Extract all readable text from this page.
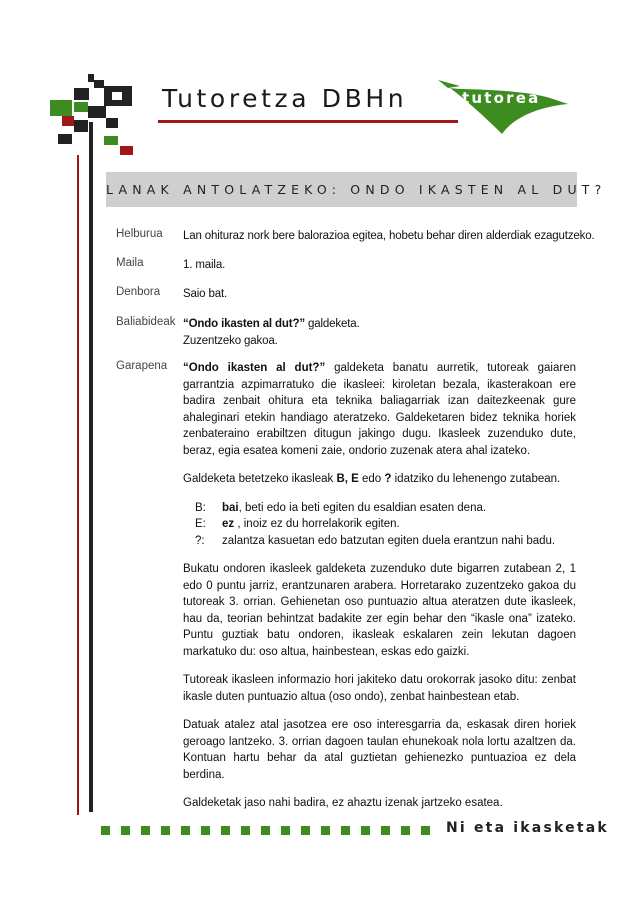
Tutoretza DBHn	tutorea
LANAK ANTOLATZEKO: ONDO IKASTEN AL DUT?
Helburua Lan ohituraz nork bere balorazioa egitea, hobetu behar diren alderdiak ezagutzeko.
Maila	1. maila.
Denbora Saio bat.
Baliabideak “Ondo ikasten al dut?” galdeketa.
Zuzentzeko gakoa.
Garapena “Ondo ikasten al dut?” galdeketa banatu aurretik, tutoreak gaiaren garrantzia azpimarratuko die ikasleei: kiroletan bezala, ikasterakoan ere badira zenbait ohitura eta teknika baliagarriak izan daitezkeenak gure ahaleginari etekin handiago ateratzeko. Galdeketaren bidez teknika horiek zenbateraino erabiltzen ditugun jakingo dugu. Ikasleek zuzenduko dute, beraz, egia esatea komeni zaie, ondorio zuzenak atera ahal izateko.

Galdeketa betetzeko ikasleak B, E edo ? idatziko du lehenengo zutabean.

B: bai, beti edo ia beti egiten du esaldian esaten dena.
E: ez , inoiz ez du horrelakorik egiten.
?:	zalantza kasuetan edo batzutan egiten duela erantzun nahi badu.

Bukatu ondoren ikasleek galdeketa zuzenduko dute bigarren zutabean 2, 1 edo 0 puntu jarriz, erantzunaren arabera. Horretarako zuzentzeko gakoa du tutoreak 3. orrian. Gehienetan oso puntuazio altua ateratzen dute ikasleek, hau da, teorian behintzat badakite zer egin behar den “ikasle ona” izateko. Puntu guztiak batu ondoren, ikasleak eskalaren zein lekutan dagoen markatuko du: oso altua, hainbestean, eskas edo gaizki.

Tutoreak ikasleen informazio hori jakiteko datu orokorrak jasoko ditu: zenbat ikasle duten puntuazio altua (oso ondo), zenbat hainbestean etab.

Datuak atalez atal jasotzea ere oso interesgarria da, eskasak diren horiek geroago lantzeko. 3. orrian dagoen taulan ehunekoak nola lortu azaltzen da. Kontuan hartu behar da atal guztietan gehienezko puntuazioa ez dela berdina.

Galdeketak jaso nahi badira, ez ahaztu izenak jartzeko esatea.

Ni eta ikasketak
